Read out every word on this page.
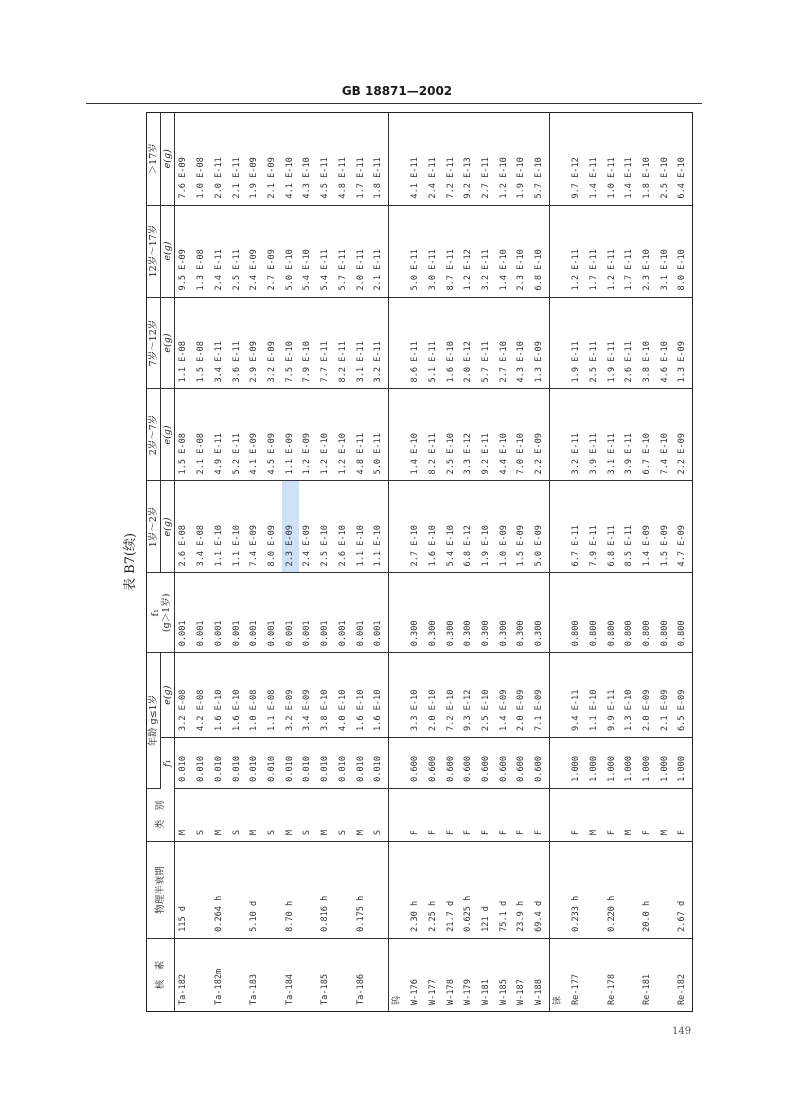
GB 18871—2002
表 B7(续)
核　素	物理半衰期	类　别	年龄 g≤1岁		f₁ (g＞1岁)	1岁～2岁	2岁～7岁	7岁～12岁	12岁～17岁	＞17岁
			f₁	e(g)		e(g)	e(g)	e(g)	e(g)	e(g)
Ta-182	115 d	M	0.010	3.2 E-08	0.001	2.6 E-08	1.5 E-08	1.1 E-08	9.5 E-09	7.6 E-09
		S	0.010	4.2 E-08	0.001	3.4 E-08	2.1 E-08	1.5 E-08	1.3 E-08	1.0 E-08
Ta-182m	0.264 h	M	0.010	1.6 E-10	0.001	1.1 E-10	4.9 E-11	3.4 E-11	2.4 E-11	2.0 E-11
		S	0.010	1.6 E-10	0.001	1.1 E-10	5.2 E-11	3.6 E-11	2.5 E-11	2.1 E-11
Ta-183	5.10 d	M	0.010	1.0 E-08	0.001	7.4 E-09	4.1 E-09	2.9 E-09	2.4 E-09	1.9 E-09
		S	0.010	1.1 E-08	0.001	8.0 E-09	4.5 E-09	3.2 E-09	2.7 E-09	2.1 E-09
Ta-184	8.70 h	M	0.010	3.2 E-09	0.001	2.3 E-09	1.1 E-09	7.5 E-10	5.0 E-10	4.1 E-10
		S	0.010	3.4 E-09	0.001	2.4 E-09	1.2 E-09	7.9 E-10	5.4 E-10	4.3 E-10
Ta-185	0.816 h	M	0.010	3.8 E-10	0.001	2.5 E-10	1.2 E-10	7.7 E-11	5.4 E-11	4.5 E-11
		S	0.010	4.0 E-10	0.001	2.6 E-10	1.2 E-10	8.2 E-11	5.7 E-11	4.8 E-11
Ta-186	0.175 h	M	0.010	1.6 E-10	0.001	1.1 E-10	4.8 E-11	3.1 E-11	2.0 E-11	1.7 E-11
		S	0.010	1.6 E-10	0.001	1.1 E-10	5.0 E-11	3.2 E-11	2.1 E-11	1.8 E-11
钨										
W-176	2.30 h	F	0.600	3.3 E-10	0.300	2.7 E-10	1.4 E-10	8.6 E-11	5.0 E-11	4.1 E-11
W-177	2.25 h	F	0.600	2.0 E-10	0.300	1.6 E-10	8.2 E-11	5.1 E-11	3.0 E-11	2.4 E-11
W-178	21.7 d	F	0.600	7.2 E-10	0.300	5.4 E-10	2.5 E-10	1.6 E-10	8.7 E-11	7.2 E-11
W-179	0.625 h	F	0.600	9.3 E-12	0.300	6.8 E-12	3.3 E-12	2.0 E-12	1.2 E-12	9.2 E-13
W-181	121 d	F	0.600	2.5 E-10	0.300	1.9 E-10	9.2 E-11	5.7 E-11	3.2 E-11	2.7 E-11
W-185	75.1 d	F	0.600	1.4 E-09	0.300	1.0 E-09	4.4 E-10	2.7 E-10	1.4 E-10	1.2 E-10
W-187	23.9 h	F	0.600	2.0 E-09	0.300	1.5 E-09	7.0 E-10	4.3 E-10	2.3 E-10	1.9 E-10
W-188	69.4 d	F	0.600	7.1 E-09	0.300	5.0 E-09	2.2 E-09	1.3 E-09	6.8 E-10	5.7 E-10
铼										
Re-177	0.233 h	F	1.000	9.4 E-11	0.800	6.7 E-11	3.2 E-11	1.9 E-11	1.2 E-11	9.7 E-12
		M	1.000	1.1 E-10	0.800	7.9 E-11	3.9 E-11	2.5 E-11	1.7 E-11	1.4 E-11
Re-178	0.220 h	F	1.000	9.9 E-11	0.800	6.8 E-11	3.1 E-11	1.9 E-11	1.2 E-11	1.0 E-11
		M	1.000	1.3 E-10	0.800	8.5 E-11	3.9 E-11	2.6 E-11	1.7 E-11	1.4 E-11
Re-181	20.0 h	F	1.000	2.0 E-09	0.800	1.4 E-09	6.7 E-10	3.8 E-10	2.3 E-10	1.8 E-10
		M	1.000	2.1 E-09	0.800	1.5 E-09	7.4 E-10	4.6 E-10	3.1 E-10	2.5 E-10
Re-182	2.67 d	F	1.000	6.5 E-09	0.800	4.7 E-09	2.2 E-09	1.3 E-09	8.0 E-10	6.4 E-10
149
